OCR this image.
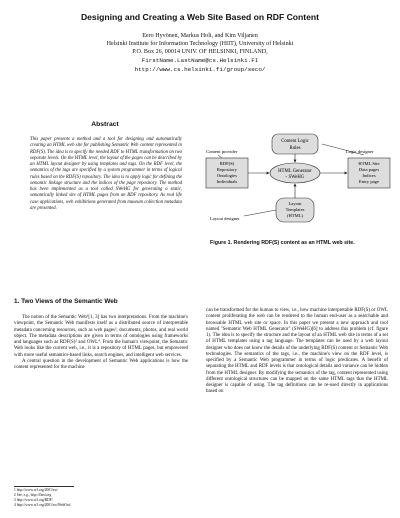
Designing and Creating a Web Site Based on RDF Content
Eero Hyvönen, Markus Holi, and Kim Viljanen
Helsinki Institute for Information Technology (HIIT), University of Helsinki
P.O. Box 26, 00014 UNIV. OF HELSINKI, FINLAND,
FirstName.LastName@cs.Helsinki.FI
http://www.cs.helsinki.fi/group/seco/
Abstract

This paper presents a method and a tool for designing and automatically creating an HTML web site for publishing Semantic Web content represented in RDF(S). The idea is to specify the needed RDF to HTML transformation on two separate levels. On the HTML level, the layout of the pages can be described by an HTML layout designer by using templates and tags. On the RDF level, the semantics of the tags are specified by a system programmer in terms of logical rules based on the RDF(S) repository. The idea is to apply logic for defining the semantic linkage structure and the indices of the page repository. The method has been implemented as a tool called SWeHG for generating a static, semantically linked site of HTML pages from an RDF repository. As real life case applications, web exhibitions generated from museum collection metadata are presented.

Content Logic
Rules
Content provider	Logic designer
RDF(S)
Repository
Ontologies
Individuals
HTML Generator
- SWeHG
HTML Site
Data pages
Indices
Entry page
Layout
Templates
(HTML)
Layout designer
Figure 1. Rendering RDF(S) content as an HTML web site.
1. Two Views of the Semantic Web

The notion of the Semantic Web¹[1, 3] has two interpretations. From the machine's viewpoint, the Semantic Web manifests itself as a distributed source of interpretable metadata concerning resources, such as web pages², documents, photos, and real world object. The metadata descriptions are given in terms of ontologies using frameworks and languages such as RDF(S)³ and OWL⁴. From the human's viewpoint, the Semantic Web looks like the current web, i.e., it is a repository of HTML pages, but empowered with more useful semantics-based links, search engines, and intelligent web services.

A central question in the development of Semantic Web applications is how the content represented for the machine

1 http://www.w3.org/2001/sw/
2 See, e.g., http://flnsi.org
3 http://www.w3.org/RDF/
4 http://www.w3.org/2001/sw/WebOnt/

can be transformed for the human to view, i.e., how machine interpretable RDF(S) or OWL content proliferating the web can be rendered to the human end-user as a searchable and browsable HTML web site or space. In this paper we present a new approach and tool named "Semantic Web HTML Generator" (SWeHG)[6] to address this problem (cf. figure 1). The idea is to specify the structure and the layout of an HTML web site in terms of a set of HTML templates using a tag language. The templates can be used by a web layout designer who does not know the details of the underlying RDF(S) content or Semantic Web technologies. The semantics of the tags, i.e., the machine's view on the RDF level, is specified by a Semantic Web programmer in terms of logic predicates. A benefit of separating the HTML and RDF levels is that ontological details and variance can be hidden from the HTML designer. By modifying the semantics of the tag, content represented using different ontological structures can be mapped on the same HTML tags that the HTML designer is capable of using. The tag definitions can be re-used directly in applications based on
